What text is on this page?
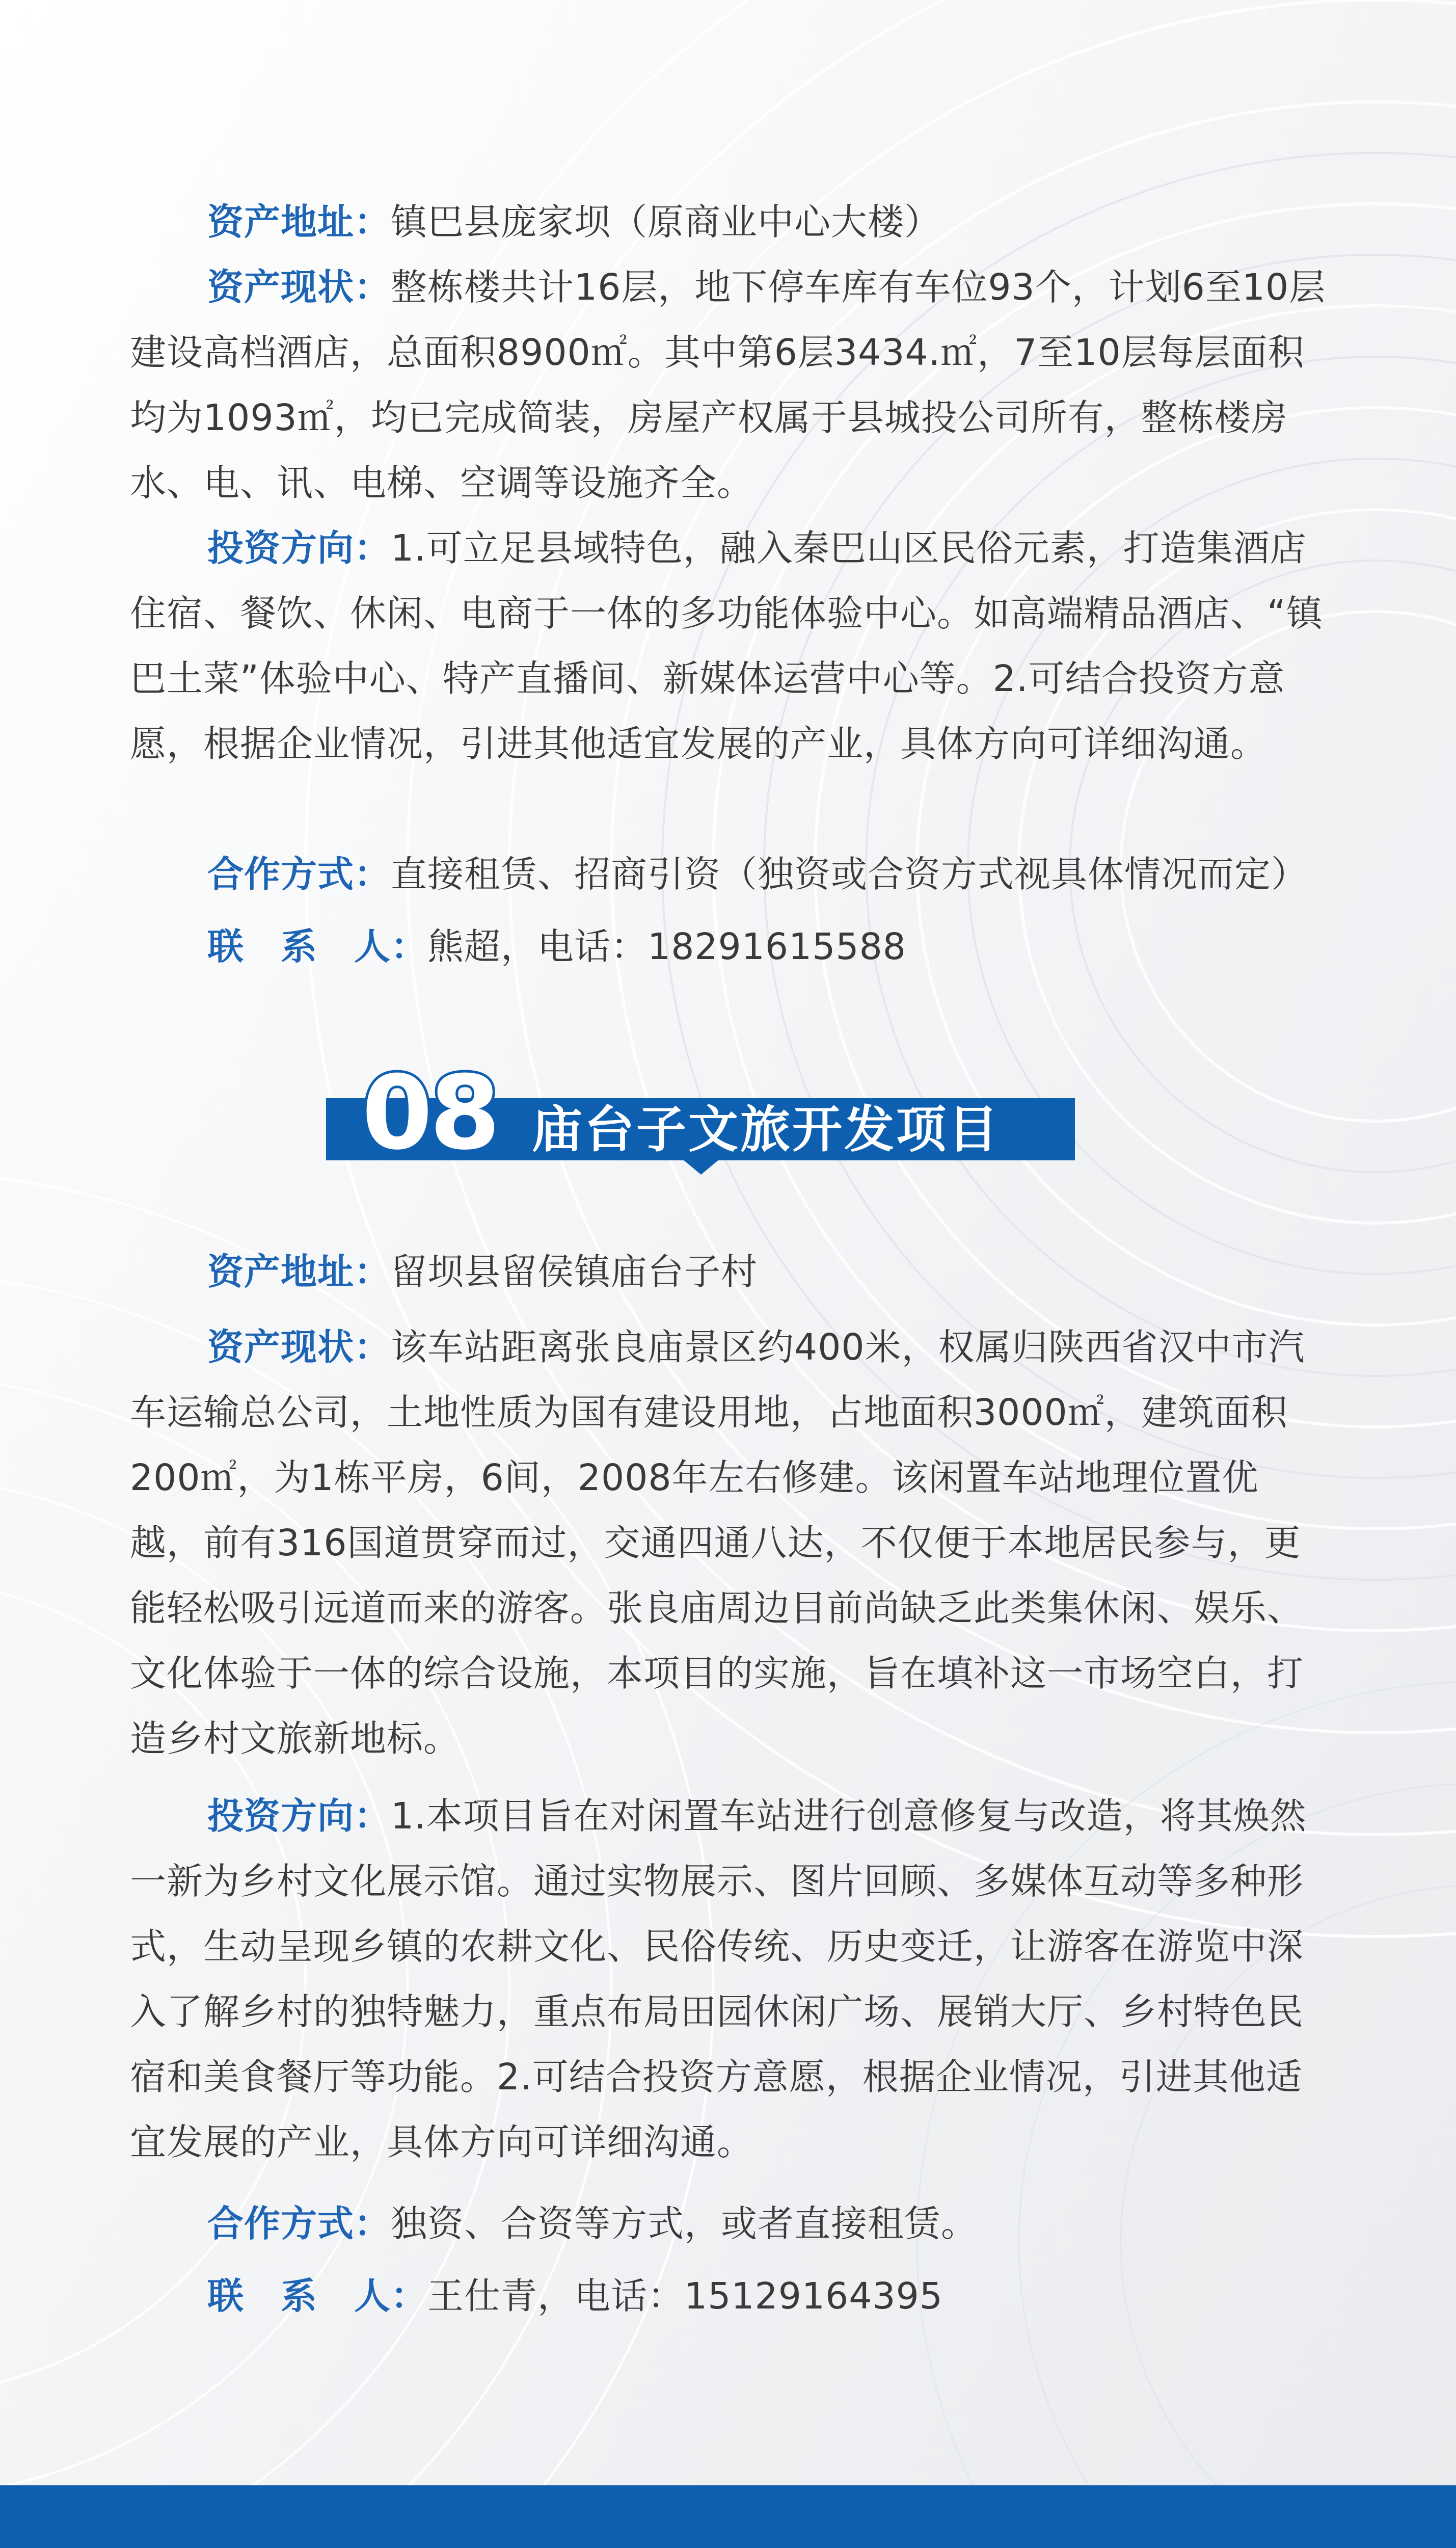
资产地址：镇巴县庞家坝（原商业中心大楼）

资产现状：整栋楼共计16层，地下停车库有车位93个，计划6至10层建设高档酒店，总面积8900㎡。其中第6层3434.㎡，7至10层每层面积均为1093㎡，均已完成简装，房屋产权属于县城投公司所有，整栋楼房水、电、讯、电梯、空调等设施齐全。

投资方向：1.可立足县域特色，融入秦巴山区民俗元素，打造集酒店住宿、餐饮、休闲、电商于一体的多功能体验中心。如高端精品酒店、“镇巴土菜”体验中心、特产直播间、新媒体运营中心等。2.可结合投资方意愿，根据企业情况，引进其他适宜发展的产业，具体方向可详细沟通。

合作方式：直接租赁、招商引资（独资或合资方式视具体情况而定）

联　系　人：熊超，电话：18291615588

08 庙台子文旅开发项目

资产地址：留坝县留侯镇庙台子村

资产现状：该车站距离张良庙景区约400米，权属归陕西省汉中市汽车运输总公司，土地性质为国有建设用地，占地面积3000㎡，建筑面积200㎡，为1栋平房，6间，2008年左右修建。该闲置车站地理位置优越，前有316国道贯穿而过，交通四通八达，不仅便于本地居民参与，更能轻松吸引远道而来的游客。张良庙周边目前尚缺乏此类集休闲、娱乐、文化体验于一体的综合设施，本项目的实施，旨在填补这一市场空白，打造乡村文旅新地标。

投资方向：1.本项目旨在对闲置车站进行创意修复与改造，将其焕然一新为乡村文化展示馆。通过实物展示、图片回顾、多媒体互动等多种形式，生动呈现乡镇的农耕文化、民俗传统、历史变迁，让游客在游览中深入了解乡村的独特魅力，重点布局田园休闲广场、展销大厅、乡村特色民宿和美食餐厅等功能。2.可结合投资方意愿，根据企业情况，引进其他适宜发展的产业，具体方向可详细沟通。

合作方式：独资、合资等方式，或者直接租赁。

联　系　人：王仕青，电话：15129164395
